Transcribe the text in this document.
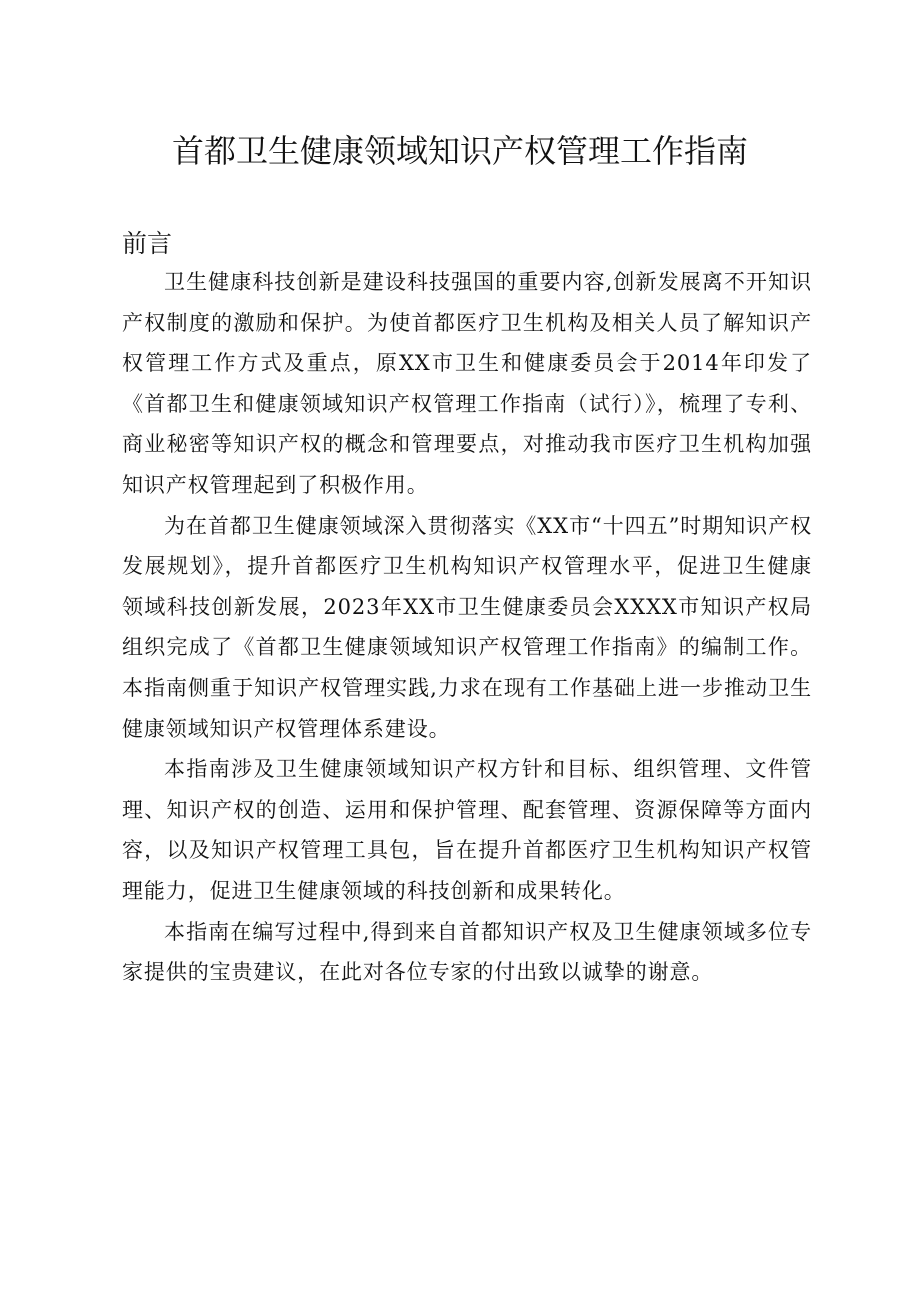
首都卫生健康领域知识产权管理工作指南
前言

卫生健康科技创新是建设科技强国的重要内容,创新发展离不开知识产权制度的激励和保护。为使首都医疗卫生机构及相关人员了解知识产权管理工作方式及重点，原XX市卫生和健康委员会于2014年印发了《首都卫生和健康领域知识产权管理工作指南（试行）》，梳理了专利、商业秘密等知识产权的概念和管理要点，对推动我市医疗卫生机构加强知识产权管理起到了积极作用。

为在首都卫生健康领域深入贯彻落实《XX市“十四五”时期知识产权发展规划》，提升首都医疗卫生机构知识产权管理水平，促进卫生健康领域科技创新发展，2023年XX市卫生健康委员会XXXX市知识产权局组织完成了《首都卫生健康领域知识产权管理工作指南》的编制工作。本指南侧重于知识产权管理实践,力求在现有工作基础上进一步推动卫生健康领域知识产权管理体系建设。

本指南涉及卫生健康领域知识产权方针和目标、组织管理、文件管理、知识产权的创造、运用和保护管理、配套管理、资源保障等方面内容，以及知识产权管理工具包，旨在提升首都医疗卫生机构知识产权管理能力，促进卫生健康领域的科技创新和成果转化。

本指南在编写过程中,得到来自首都知识产权及卫生健康领域多位专家提供的宝贵建议，在此对各位专家的付出致以诚挚的谢意。
